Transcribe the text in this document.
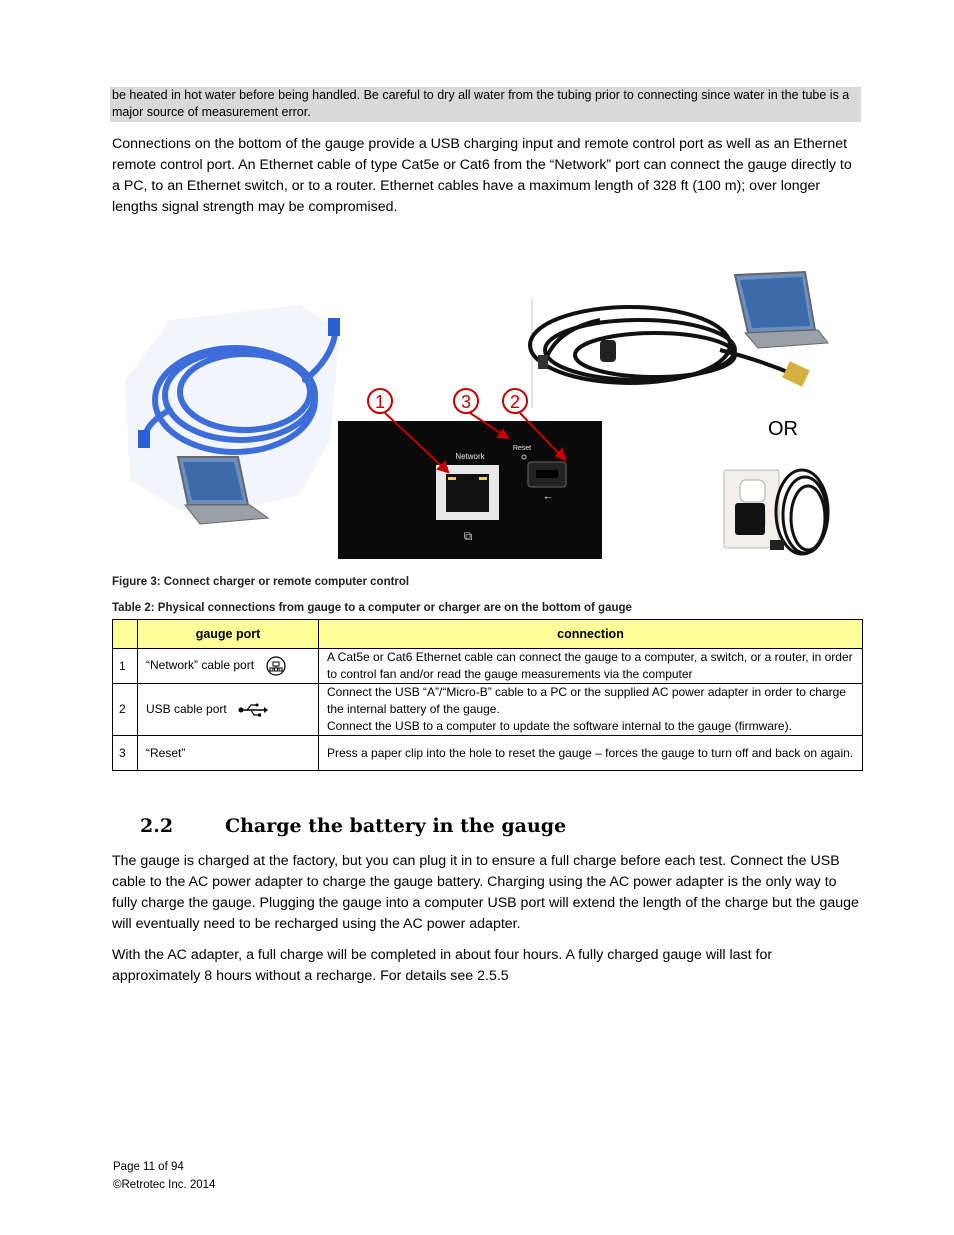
be heated in hot water before being handled. Be careful to dry all water from the tubing prior to connecting since water in the tube is a major source of measurement error.
Connections on the bottom of the gauge provide a USB charging input and remote control port as well as an Ethernet remote control port. An Ethernet cable of type Cat5e or Cat6 from the “Network” port can connect the gauge directly to a PC, to an Ethernet switch, or to a router. Ethernet cables have a maximum length of 328 ft (100 m); over longer lengths signal strength may be compromised.
Network
Reset
⭠
⧉
1	3 2
OR
Figure 3: Connect charger or remote computer control
Table 2: Physical connections from gauge to a computer or charger are on the bottom of gauge
	gauge port	connection
1	“Network” cable port	A Cat5e or Cat6 Ethernet cable can connect the gauge to a computer, a switch, or a router, in order to control fan and/or read the gauge measurements via the computer
2	USB cable port	Connect the USB “A”/“Micro-B” cable to a PC or the supplied AC power adapter in order to charge the internal battery of the gauge.
Connect the USB to a computer to update the software internal to the gauge (firmware).

3	“Reset”	Press a paper clip into the hole to reset the gauge – forces the gauge to turn off and back on again.
2.2	Charge the battery in the gauge
The gauge is charged at the factory, but you can plug it in to ensure a full charge before each test. Connect the USB cable to the AC power adapter to charge the gauge battery. Charging using the AC power adapter is the only way to fully charge the gauge. Plugging the gauge into a computer USB port will extend the length of the charge but the gauge will eventually need to be recharged using the AC power adapter.
With the AC adapter, a full charge will be completed in about four hours. A fully charged gauge will last for approximately 8 hours without a recharge. For details see 2.5.5
Page 11 of 94
©Retrotec Inc. 2014
